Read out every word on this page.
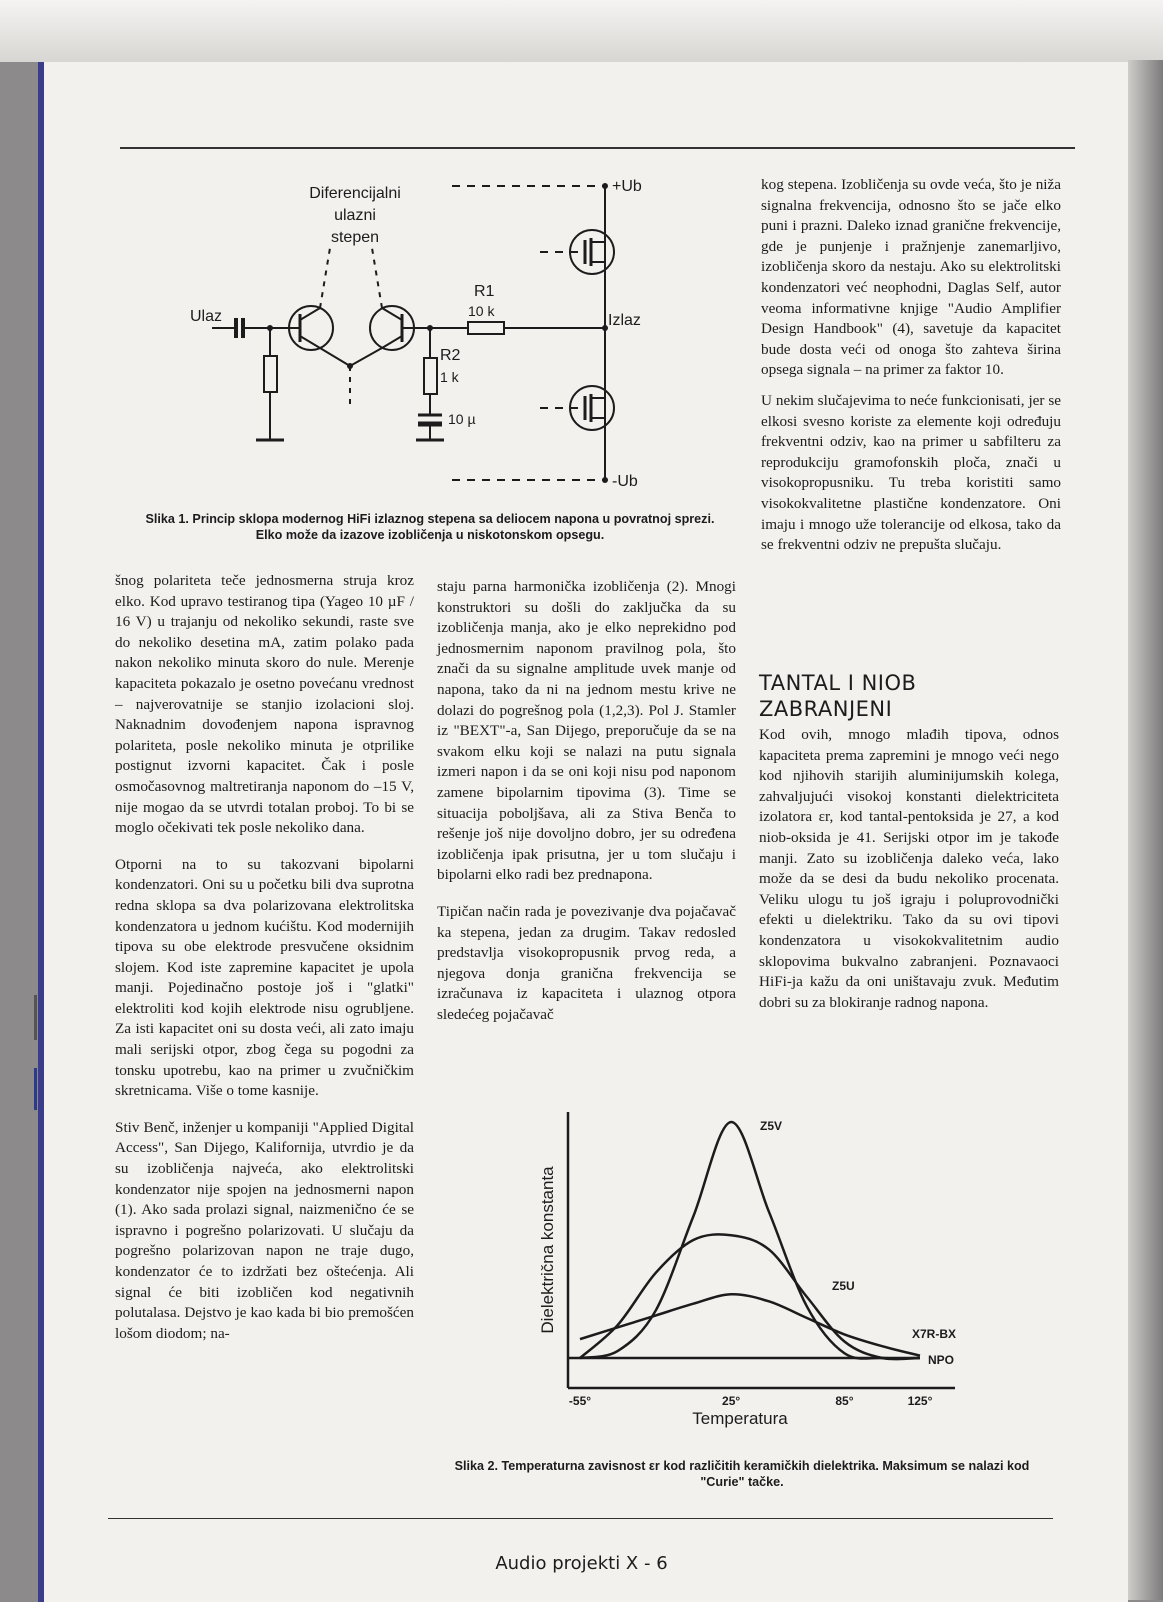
Diferencijalni
ulazni
stepen
Ulaz	Izlaz
R1
10 k
R2
1 k
10 µ
+Ub
-Ub
Slika 1. Princip sklopa modernog HiFi izlaznog stepena sa deliocem napona u povratnoj sprezi. Elko može da izazove izobličenja u niskotonskom opsegu.

kog stepena. Izobličenja su ovde veća, što je niža signalna frekvencija, odnosno što se jače elko puni i prazni. Daleko iznad granične frekvencije, gde je punjenje i pražnjenje zanemarljivo, izobličenja skoro da nestaju. Ako su elektrolitski kondenzatori već neophodni, Daglas Self, autor veoma informativne knjige "Audio Amplifier Design Handbook" (4), savetuje da kapacitet bude dosta veći od onoga što zahteva širina opsega signala – na primer za faktor 10.

U nekim slučajevima to neće funkcionisati, jer se elkosi svesno koriste za elemente koji određuju frekventni odziv, kao na primer u sabfilteru za reprodukciju gramofonskih ploča, znači u visokopropusniku. Tu treba koristiti samo visokokvalitetne plastične kondenzatore. Oni imaju i mnogo uže tolerancije od elkosa, tako da se frekventni odziv ne prepušta slučaju.

TANTAL I NIOB
ZABRANJENI

Kod ovih, mnogo mlađih tipova, odnos kapaciteta prema zapremini je mnogo veći nego kod njihovih starijih aluminijumskih kolega, zahvaljujući visokoj konstanti dielektriciteta izolatora εr, kod tantal-pentoksida je 27, a kod niob-oksida je 41. Serijski otpor im je takođe manji. Zato su izobličenja daleko veća, lako može da se desi da budu nekoliko procenata. Veliku ulogu tu još igraju i poluprovodnički efekti u dielektriku. Tako da su ovi tipovi kondenzatora u visokokvalitetnim audio sklopovima bukvalno zabranjeni. Poznavaoci HiFi-ja kažu da oni uništavaju zvuk. Međutim dobri su za blokiranje radnog napona.

šnog polariteta teče jednosmerna struja kroz elko. Kod upravo testiranog tipa (Yageo 10 µF / 16 V) u trajanju od nekoliko sekundi, raste sve do nekoliko desetina mA, zatim polako pada nakon nekoliko minuta skoro do nule. Merenje kapaciteta pokazalo je osetno povećanu vrednost – najverovatnije se stanjio izolacioni sloj. Naknadnim dovođenjem napona ispravnog polariteta, posle nekoliko minuta je otprilike postignut izvorni kapacitet. Čak i posle osmočasovnog maltretiranja naponom do –15 V, nije mogao da se utvrdi totalan proboj. To bi se moglo očekivati tek posle nekoliko dana.

Otporni na to su takozvani bipolarni kondenzatori. Oni su u početku bili dva suprotna redna sklopa sa dva polarizovana elektrolitska kondenzatora u jednom kućištu. Kod modernijih tipova su obe elektrode presvučene oksidnim slojem. Kod iste zapremine kapacitet je upola manji. Pojedinačno postoje još i "glatki" elektroliti kod kojih elektrode nisu ogrubljene. Za isti kapacitet oni su dosta veći, ali zato imaju mali serijski otpor, zbog čega su pogodni za tonsku upotrebu, kao na primer u zvučničkim skretnicama. Više o tome kasnije.

Stiv Benč, inženjer u kompaniji "Applied Digital Access", San Dijego, Kalifornija, utvrdio je da su izobličenja najveća, ako elektrolitski kondenzator nije spojen na jednosmerni napon (1). Ako sada prolazi signal, naizmenično će se ispravno i pogrešno polarizovati. U slučaju da pogrešno polarizovan napon ne traje dugo, kondenzator će to izdržati bez oštećenja. Ali signal će biti izobličen kod negativnih polutalasa. Dejstvo je kao kada bi bio premošćen lošom diodom; na-

staju parna harmonička izobličenja (2). Mnogi konstruktori su došli do zaključka da su izobličenja manja, ako je elko neprekidno pod jednosmernim naponom pravilnog pola, što znači da su signalne amplitude uvek manje od napona, tako da ni na jednom mestu krive ne dolazi do pogrešnog pola (1,2,3). Pol J. Stamler iz "BEXT"-a, San Dijego, preporučuje da se na svakom elku koji se nalazi na putu signala izmeri napon i da se oni koji nisu pod naponom zamene bipolarnim tipovima (3). Time se situacija poboljšava, ali za Stiva Benča to rešenje još nije dovoljno dobro, jer su određena izobličenja ipak prisutna, jer u tom slučaju i bipolarni elko radi bez prednapona.

Tipičan način rada je povezivanje dva pojačavač ka stepena, jedan za drugim. Takav redosled predstavlja visokopropusnik prvog reda, a njegova donja granična frekvencija se izračunava iz kapaciteta i ulaznog otpora sledećeg pojačavač

Dielektrična konstanta
Temperatura
-55°	25°	85°	125°
Z5V
Z5U
X7R-BX
NPO
Slika 2. Temperaturna zavisnost εr kod različitih keramičkih dielektrika. Maksimum se nalazi kod "Curie" tačke.
Audio projekti X - 6
